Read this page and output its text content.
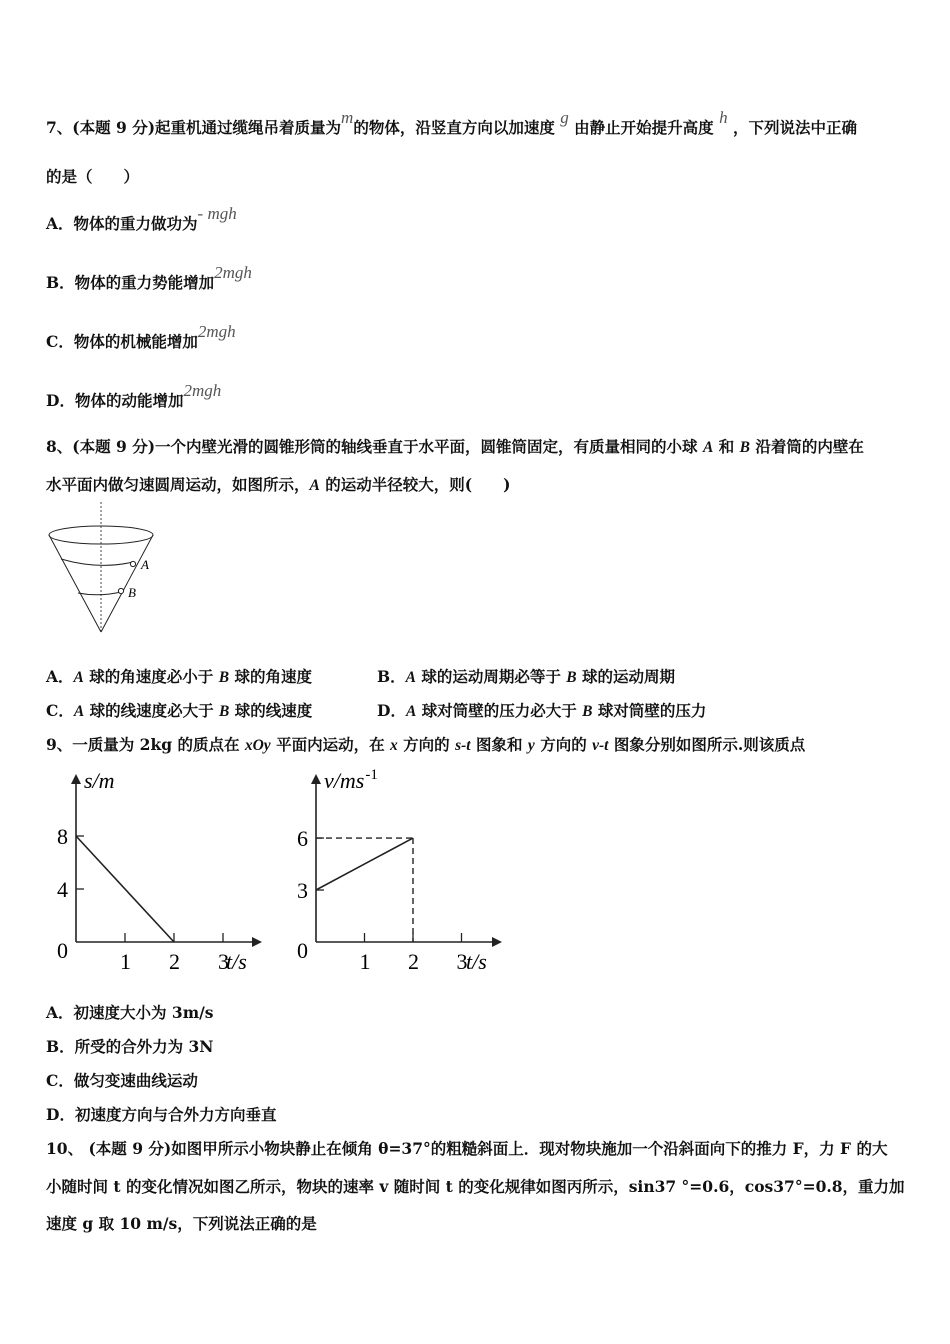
7、(本题 9 分)起重机通过缆绳吊着质量为m的物体，沿竖直方向以加速度 g 由静止开始提升高度 h ，下列说法中正确
的是（　　）
A．物体的重力做功为- mgh
B．物体的重力势能增加2mgh
C．物体的机械能增加2mgh
D．物体的动能增加2mgh
8、(本题 9 分)一个内壁光滑的圆锥形筒的轴线垂直于水平面，圆锥筒固定，有质量相同的小球 A 和 B 沿着筒的内壁在
水平面内做匀速圆周运动，如图所示，A 的运动半径较大，则(　　)
A
B
A．A 球的角速度必小于 B 球的角速度	B．A 球的运动周期必等于 B 球的运动周期
C．A 球的线速度必大于 B 球的线速度	D．A 球对筒壁的压力必大于 B 球对筒壁的压力
9、一质量为 2kg 的质点在 xOy 平面内运动，在 x 方向的 s-t 图象和 y 方向的 v-t 图象分别如图所示.则该质点
1 2 3
4
8
0	t/s
s/m
1 2 3
3
6
0	t/s
v/ms -1
A．初速度大小为 3m/s
B．所受的合外力为 3N
C．做匀变速曲线运动
D．初速度方向与合外力方向垂直
10、 (本题 9 分)如图甲所示小物块静止在倾角 θ=37°的粗糙斜面上．现对物块施加一个沿斜面向下的推力 F，力 F 的大
小随时间 t 的变化情况如图乙所示，物块的速率 v 随时间 t 的变化规律如图丙所示，sin37 °=0.6，cos37°=0.8，重力加
速度 g 取 10 m/s，下列说法正确的是
